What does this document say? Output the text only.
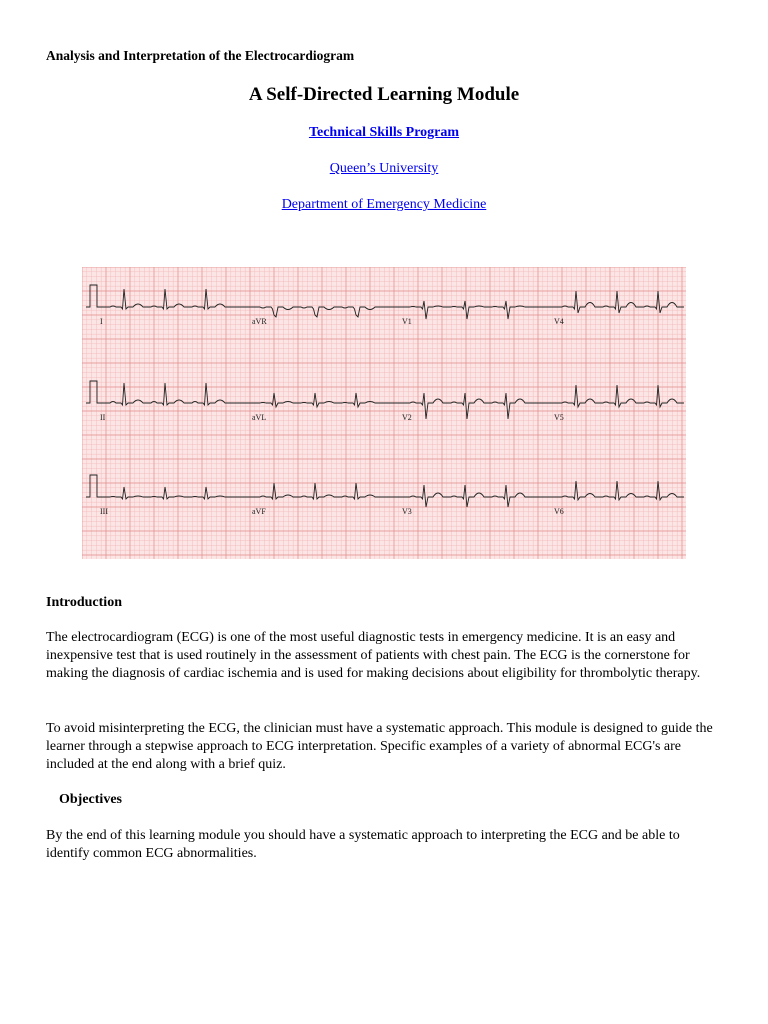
Analysis and Interpretation of the Electrocardiogram
A Self-Directed Learning Module
Technical Skills Program
Queen’s University
Department of Emergency Medicine
I	aVR	V1	V4
II	aVL	V2	V5
III	aVF	V3	V6
Introduction
The electrocardiogram (ECG) is one of the most useful diagnostic tests in emergency medicine. It is an easy and inexpensive test that is used routinely in the assessment of patients with chest pain. The ECG is the cornerstone for making the diagnosis of cardiac ischemia and is used for making decisions about eligibility for thrombolytic therapy.
To avoid misinterpreting the ECG, the clinician must have a systematic approach. This module is designed to guide the learner through a stepwise approach to ECG interpretation. Specific examples of a variety of abnormal ECG's are included at the end along with a brief quiz.
Objectives
By the end of this learning module you should have a systematic approach to interpreting the ECG and be able to identify common ECG abnormalities.
